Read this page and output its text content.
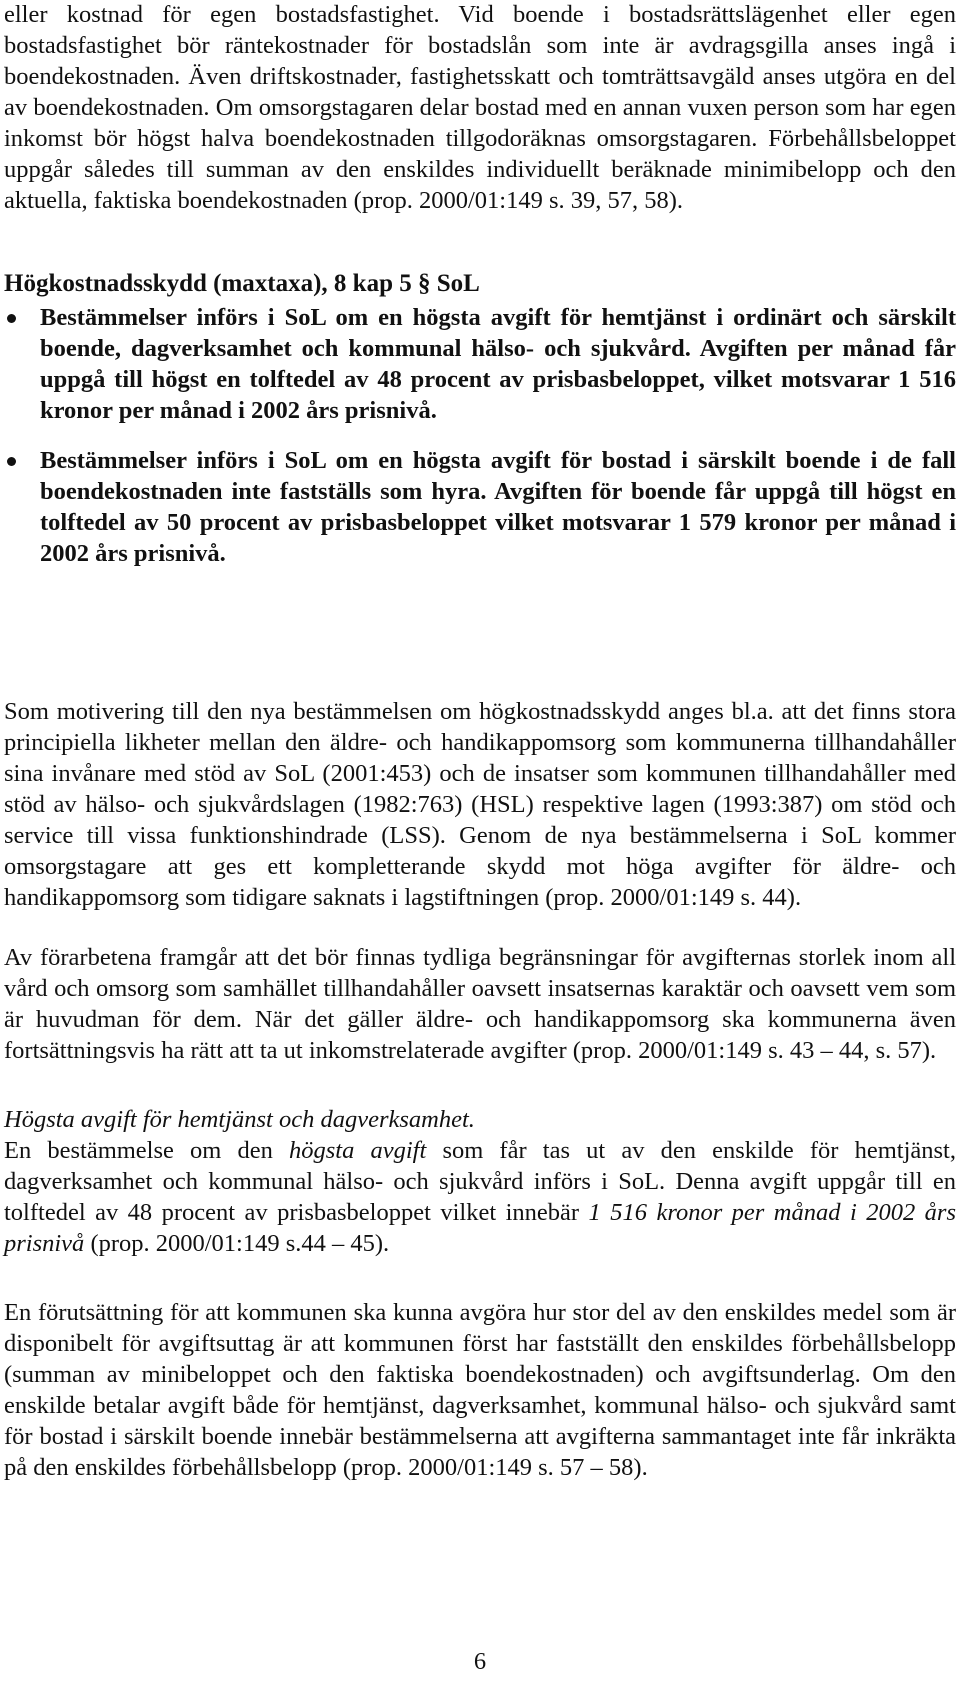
eller kostnad för egen bostadsfastighet. Vid boende i bostadsrättslägenhet eller egen bostadsfastighet bör räntekostnader för bostadslån som inte är avdragsgilla anses ingå i boendekostnaden. Även driftskostnader, fastighetsskatt och tomträttsavgäld anses utgöra en del av boendekostnaden. Om omsorgstagaren delar bostad med en annan vuxen person som har egen inkomst bör högst halva boendekostnaden tillgodoräknas omsorgstagaren. Förbehållsbeloppet uppgår således till summan av den enskildes individuellt beräknade minimibelopp och den aktuella, faktiska boendekostnaden (prop. 2000/01:149 s. 39, 57, 58).

Högkostnadsskydd (maxtaxa), 8 kap 5 § SoL
Bestämmelser införs i SoL om en högsta avgift för hemtjänst i ordinärt och särskilt boende, dagverksamhet och kommunal hälso- och sjukvård. Avgiften per månad får uppgå till högst en tolftedel av 48 procent av prisbasbeloppet, vilket motsvarar 1 516 kronor per månad i 2002 års prisnivå.
Bestämmelser införs i SoL om en högsta avgift för bostad i särskilt boende i de fall boendekostnaden inte fastställs som hyra. Avgiften för boende får uppgå till högst en tolftedel av 50 procent av prisbasbeloppet vilket motsvarar 1 579 kronor per månad i 2002 års prisnivå.

Som motivering till den nya bestämmelsen om högkostnadsskydd anges bl.a. att det finns stora principiella likheter mellan den äldre- och handikappomsorg som kommunerna tillhandahåller sina invånare med stöd av SoL (2001:453) och de insatser som kommunen tillhandahåller med stöd av hälso- och sjukvårdslagen (1982:763) (HSL) respektive lagen (1993:387) om stöd och service till vissa funktionshindrade (LSS). Genom de nya bestämmelserna i SoL kommer omsorgstagare att ges ett kompletterande skydd mot höga avgifter för äldre- och handikappomsorg som tidigare saknats i lagstiftningen (prop. 2000/01:149 s. 44).

Av förarbetena framgår att det bör finnas tydliga begränsningar för avgifternas storlek inom all vård och omsorg som samhället tillhandahåller oavsett insatsernas karaktär och oavsett vem som är huvudman för dem. När det gäller äldre- och handikappomsorg ska kommunerna även fortsättningsvis ha rätt att ta ut inkomstrelaterade avgifter (prop. 2000/01:149 s. 43 – 44, s. 57).

Högsta avgift för hemtjänst och dagverksamhet.

En bestämmelse om den högsta avgift som får tas ut av den enskilde för hemtjänst, dagverksamhet och kommunal hälso- och sjukvård införs i SoL. Denna avgift uppgår till en tolftedel av 48 procent av prisbasbeloppet vilket innebär 1 516 kronor per månad i 2002 års prisnivå (prop. 2000/01:149 s.44 – 45).

En förutsättning för att kommunen ska kunna avgöra hur stor del av den enskildes medel som är disponibelt för avgiftsuttag är att kommunen först har fastställt den enskildes förbehållsbelopp (summan av minibeloppet och den faktiska boendekostnaden) och avgiftsunderlag. Om den enskilde betalar avgift både för hemtjänst, dagverksamhet, kommunal hälso- och sjukvård samt för bostad i särskilt boende innebär bestämmelserna att avgifterna sammantaget inte får inkräkta på den enskildes förbehållsbelopp (prop. 2000/01:149 s. 57 – 58).

6
